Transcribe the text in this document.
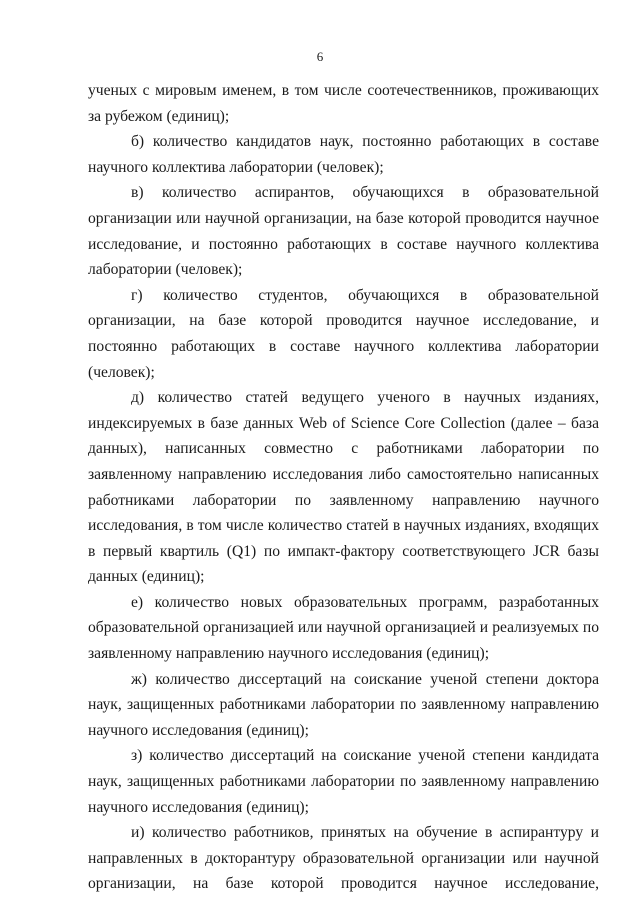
6

ученых с мировым именем, в том числе соотечественников, проживающих за рубежом (единиц);

б) количество кандидатов наук, постоянно работающих в составе научного коллектива лаборатории (человек);

в) количество аспирантов, обучающихся в образовательной организации или научной организации, на базе которой проводится научное исследование, и постоянно работающих в составе научного коллектива лаборатории (человек);

г) количество студентов, обучающихся в образовательной организации, на базе которой проводится научное исследование, и постоянно работающих в составе научного коллектива лаборатории (человек);

д) количество статей ведущего ученого в научных изданиях, индексируемых в базе данных Web of Science Core Collection (далее – база данных), написанных совместно с работниками лаборатории по заявленному направлению исследования либо самостоятельно написанных работниками лаборатории по заявленному направлению научного исследования, в том числе количество статей в научных изданиях, входящих в первый квартиль (Q1) по импакт-фактору соответствующего JCR базы данных (единиц);

е) количество новых образовательных программ, разработанных образовательной организацией или научной организацией и реализуемых по заявленному направлению научного исследования (единиц);

ж) количество диссертаций на соискание ученой степени доктора наук, защищенных работниками лаборатории по заявленному направлению научного исследования (единиц);

з) количество диссертаций на соискание ученой степени кандидата наук, защищенных работниками лаборатории по заявленному направлению научного исследования (единиц);

и) количество работников, принятых на обучение в аспирантуру и направленных в докторантуру образовательной организации или научной организации, на базе которой проводится научное исследование,
